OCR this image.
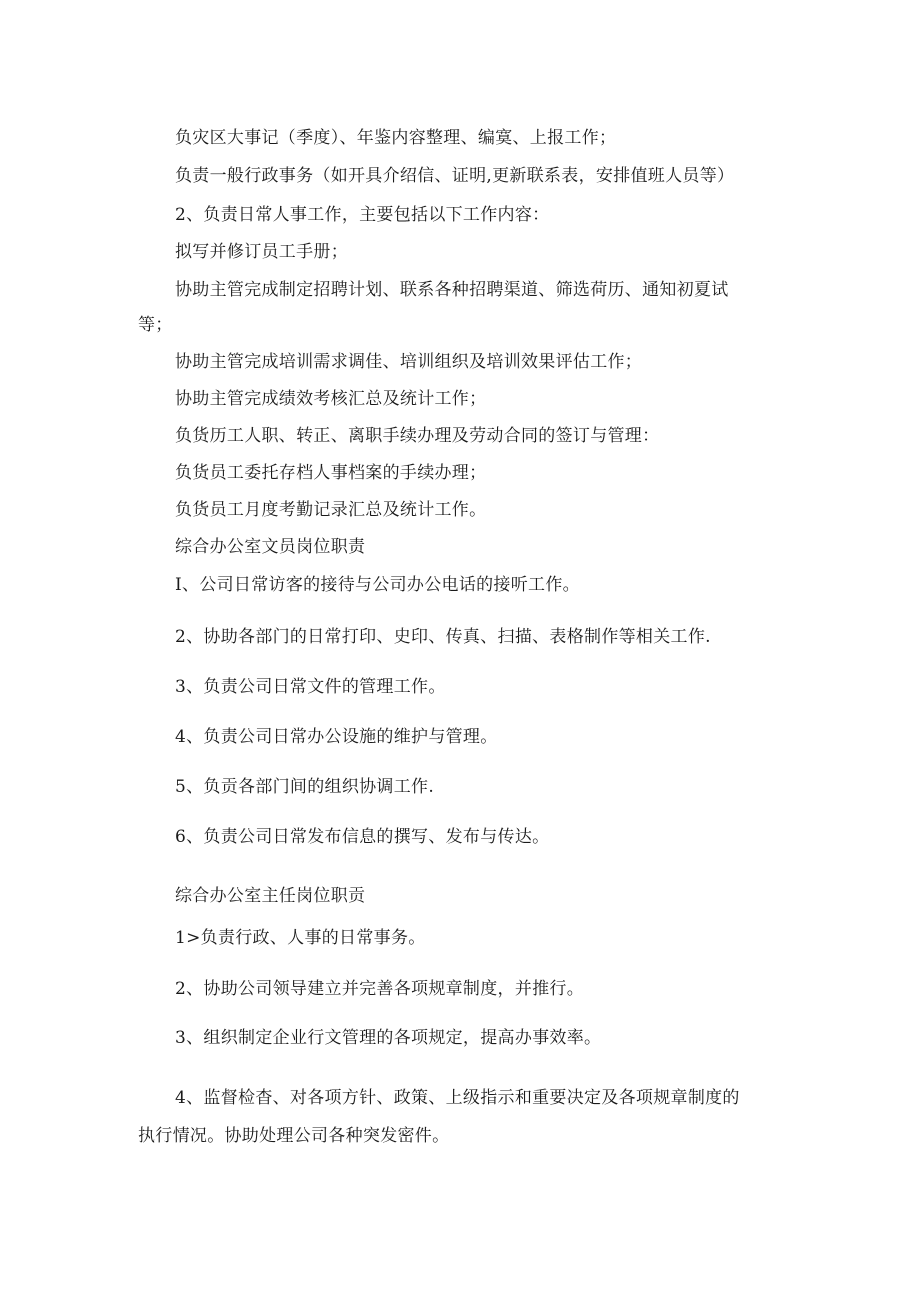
负灾区大事记（季度）、年鉴内容整理、编寞、上报工作；
负责一般行政事务（如开具介绍信、证明,更新联系表，安排值班人员等）
2、负责日常人事工作，主要包括以下工作内容：
拟写并修订员工手册；
协助主管完成制定招聘计划、联系各种招聘渠道、筛选荷历、通知初夏试
等；
协助主管完成培训需求调佳、培训组织及培训效果评估工作；
协助主管完成绩效考核汇总及统计工作；
负货历工人职、转正、离职手续办理及劳动合同的签订与管理：
负货员工委托存档人事档案的手续办理；
负货员工月度考勤记录汇总及统计工作。
综合办公室文员岗位职责
I、公司日常访客的接待与公司办公电话的接听工作。
2、协助各部门的日常打印、史印、传真、扫描、表格制作等相关工作.
3、负责公司日常文件的管理工作。
4、负责公司日常办公设施的维护与管理。
5、负贡各部门间的组织协调工作.
6、负责公司日常发布信息的撰写、发布与传达。
综合办公室主任岗位职贡
1>负责行政、人事的日常事务。
2、协助公司领导建立并完善各项规章制度，并推行。
3、组织制定企业行文管理的各项规定，提高办事效率。
4、监督检杳、对各项方针、政策、上级指示和重要决定及各项规章制度的
执行情况。协助处理公司各种突发密件。
